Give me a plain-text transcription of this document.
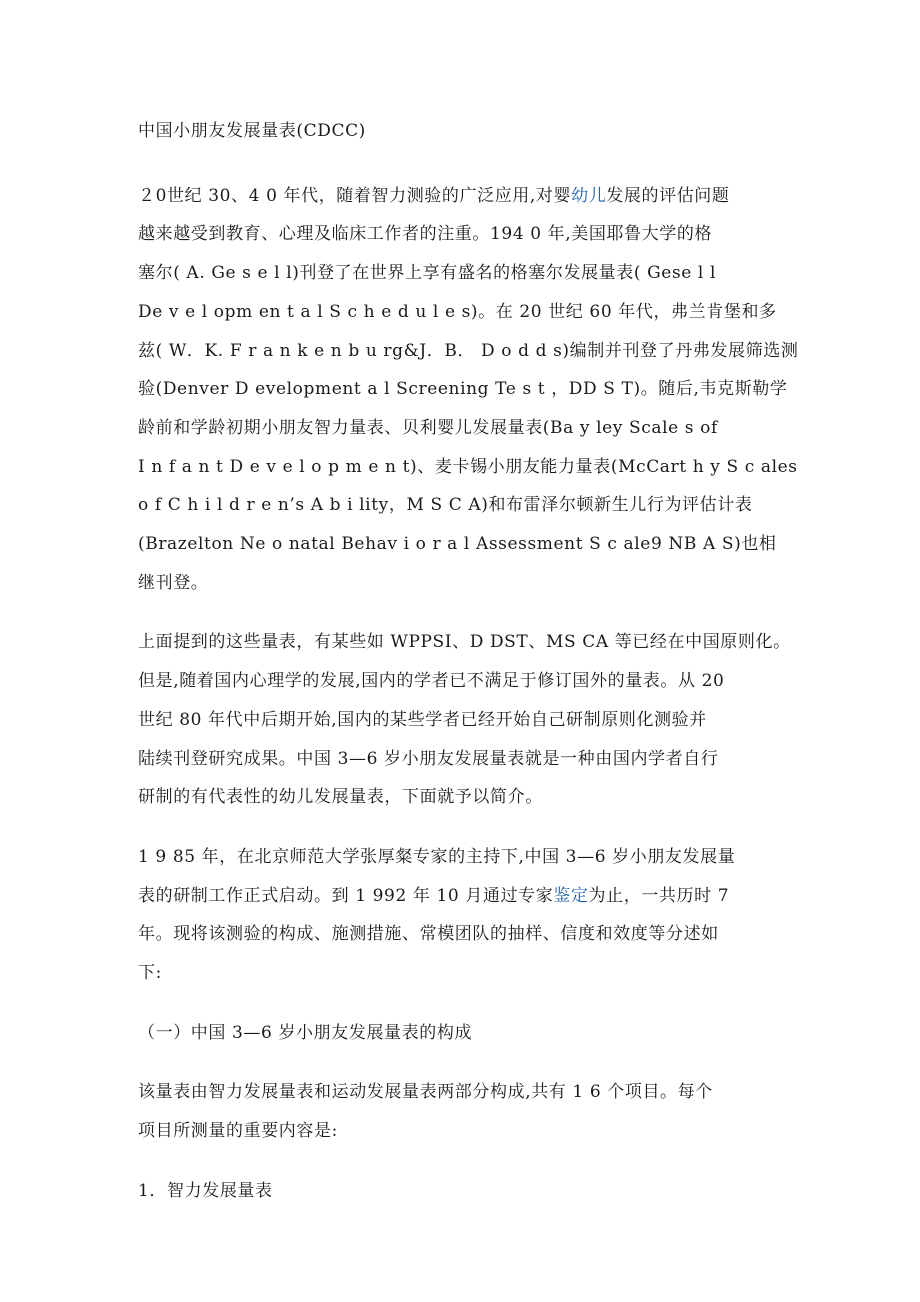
中国小朋友发展量表(CDCC)
２0世纪 30、4 0 年代，随着智力测验的广泛应用,对婴幼儿发展的评估问题
越来越受到教育、心理及临床工作者的注重。194 0 年,美国耶鲁大学的格
塞尔( A. Ge s e l l)刊登了在世界上享有盛名的格塞尔发展量表( Gese l l
De v e l opm en t a l S c h e d u l e s)。在 20 世纪 60 年代，弗兰肯堡和多
兹( W．K. F r a n k e n b u rg&J．B． D o d d s)编制并刊登了丹弗发展筛选测
验(Denver D evelopment a l Screening Te s t ，DD S T)。随后,韦克斯勒学
龄前和学龄初期小朋友智力量表、贝利婴儿发展量表(Ba y ley Scale s of
I n f a n t D e v e l o p m e n t)、麦卡锡小朋友能力量表(McCart h y S c ales
o f C h i l d r e n’s A b i lity，M S C A)和布雷泽尔顿新生儿行为评估计表
(Brazelton Ne o natal Behav i o r a l Assessment S c ale9 NB A S)也相
继刊登。
上面提到的这些量表，有某些如 WPPSI、D DST、MS CA 等已经在中国原则化。
但是,随着国内心理学的发展,国内的学者已不满足于修订国外的量表。从 20
世纪 80 年代中后期开始,国内的某些学者已经开始自己研制原则化测验并
陆续刊登研究成果。中国 3—6 岁小朋友发展量表就是一种由国内学者自行
研制的有代表性的幼儿发展量表，下面就予以简介。
1 9 85 年，在北京师范大学张厚粲专家的主持下,中国 3—6 岁小朋友发展量
表的研制工作正式启动。到 1 992 年 10 月通过专家鉴定为止，一共历时 7
年。现将该测验的构成、施测措施、常模团队的抽样、信度和效度等分述如
下:
（一）中国 3—6 岁小朋友发展量表的构成
该量表由智力发展量表和运动发展量表两部分构成,共有 1 6 个项目。每个
项目所测量的重要内容是:
1．智力发展量表
